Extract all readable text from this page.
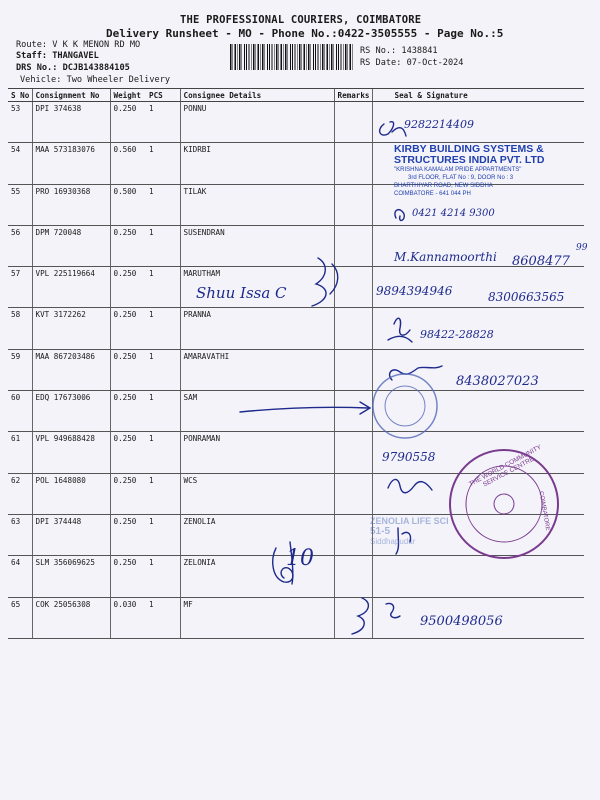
THE PROFESSIONAL COURIERS, COIMBATORE
Delivery Runsheet - MO - Phone No.:0422-3505555 - Page No.:5
Route: V K K MENON RD MO
Staff: THANGAVEL
DRS No.: DCJB143884105
Vehicle: Two Wheeler Delivery
RS No.: 1438841
RS Date: 07-Oct-2024
S No	Consignment No	Weight	PCS	Consignee Details	Remarks	Seal & Signature
53	DPI 374638	0.250	1	PONNU		
54	MAA 573183076	0.560	1	KIDRBI		
55	PRO 16930368	0.500	1	TILAK		
56	DPM 720048	0.250	1	SUSENDRAN		
57	VPL 225119664	0.250	1	MARUTHAM		
58	KVT 3172262	0.250	1	PRANNA		
59	MAA 867203486	0.250	1	AMARAVATHI		
60	EDQ 17673006	0.250	1	SAM		
61	VPL 949688428	0.250	1	PONRAMAN		
62	POL 1648080	0.250	1	WCS		
63	DPI 374448	0.250	1	ZENOLIA		
64	SLM 356069625	0.250	1	ZELONIA		
65	COK 25056308	0.030	1	MF		
THE WORLD COMMUNITY SERVICE CENTRE
COIMBATORE
KIRBY BUILDING SYSTEMS &
STRUCTURES INDIA PVT. LTD
"KRISHNA KAMALAM PRIDE APPARTMENTS"
3rd FLOOR, FLAT No : 9, DOOR No : 3
BHARTHIYAR ROAD, NEW SIDDHA
COIMBATORE - 641 044 PH
ZENOLIA LIFE SCI
51-5
Siddhapudur
9282214409
0421 4214 9300
M.Kannamoorthi 8608477
99
Shuu Issa C	9894394946	8300663565
98422-28828
8438027023
9790558
10
9500498056
